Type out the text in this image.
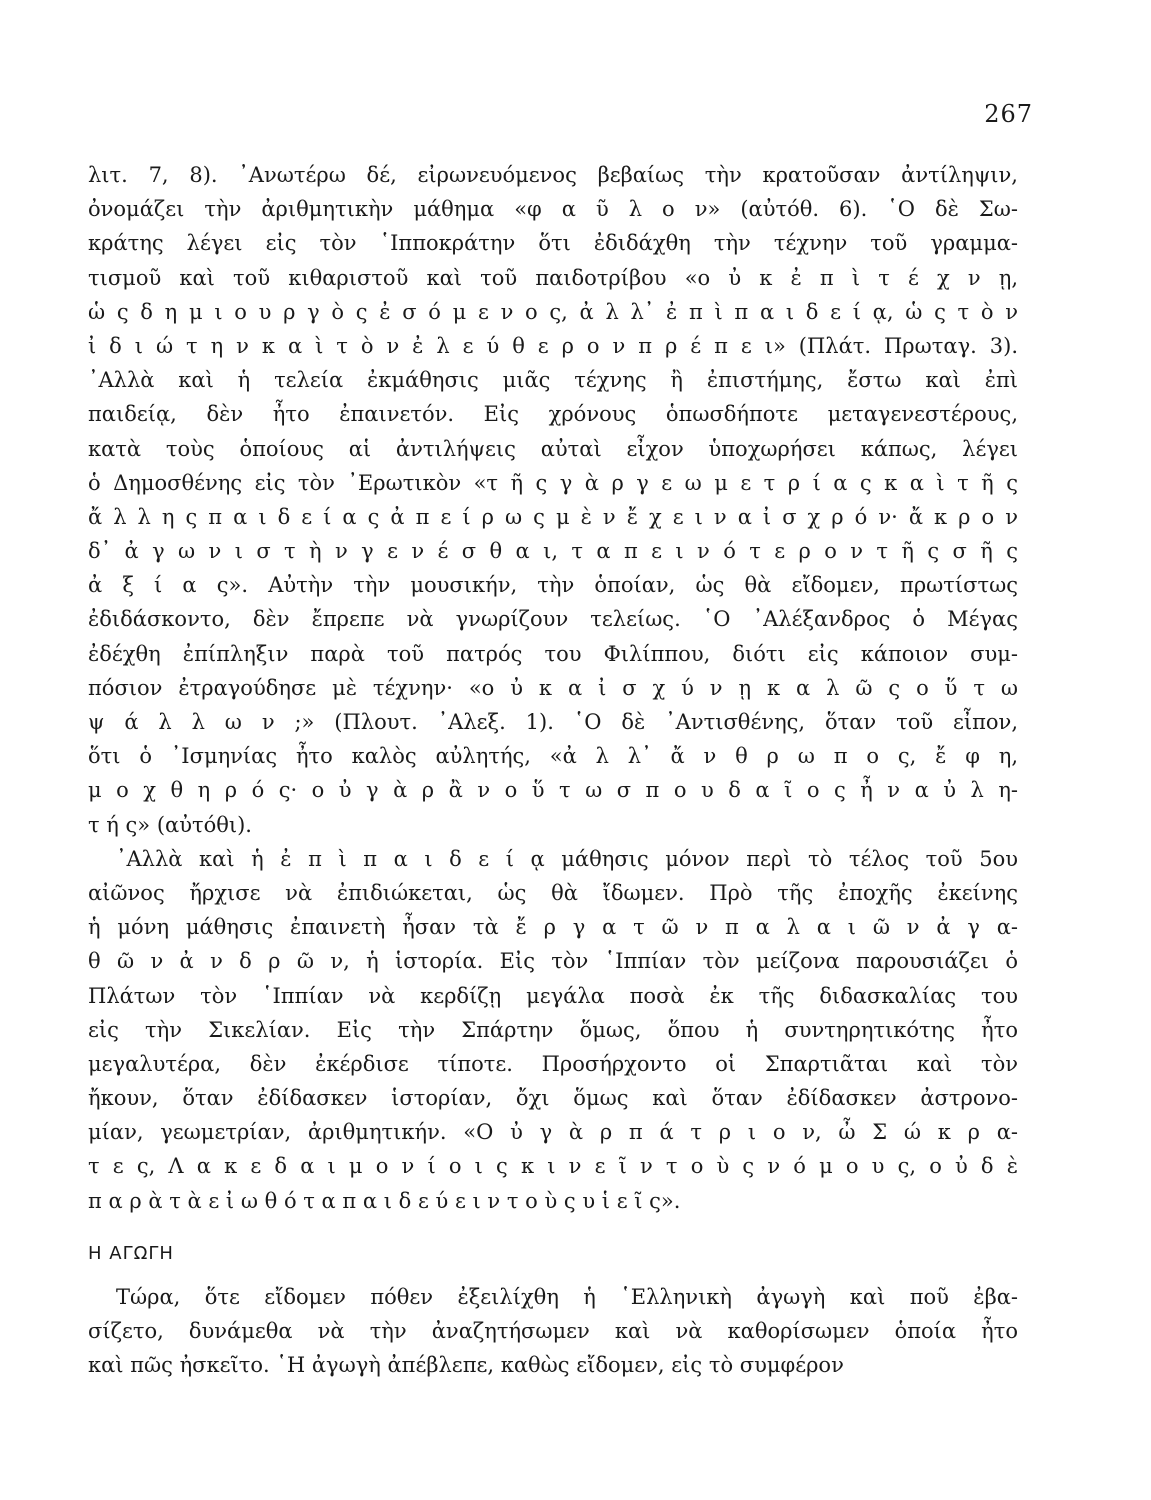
267
λιτ. 7, 8). ᾿Ανωτέρω δέ, εἰρωνευόμενος βεβαίως τὴν κρατοῦσαν ἀντίληψιν,
ὀνομάζει τὴν ἀριθμητικὴν μάθημα «φ α ῦ λ ο ν» (αὐτόθ. 6). ῾Ο δὲ Σω-
κράτης λέγει εἰς τὸν ῾Ιπποκράτην ὅτι ἐδιδάχθη τὴν τέχνην τοῦ γραμμα-
τισμοῦ καὶ τοῦ κιθαριστοῦ καὶ τοῦ παιδοτρίβου «ο ὐ κ ἐ π ὶ τ έ χ ν ῃ,
ὡ ς δ η μ ι ο υ ρ γ ὸ ς ἐ σ ό μ ε ν ο ς, ἀ λ λ᾿ ἐ π ὶ π α ι δ ε ί ᾳ, ὡ ς τ ὸ ν
ἰ δ ι ώ τ η ν κ α ὶ τ ὸ ν ἐ λ ε ύ θ ε ρ ο ν π ρ έ π ε ι» (Πλάτ. Πρωταγ. 3).
᾿Αλλὰ καὶ ἡ τελεία ἐκμάθησις μιᾶς τέχνης ἢ ἐπιστήμης, ἔστω καὶ ἐπὶ
παιδείᾳ, δὲν ἦτο ἐπαινετόν. Εἰς χρόνους ὁπωσδήποτε μεταγενεστέρους,
κατὰ τοὺς ὁποίους αἱ ἀντιλήψεις αὐταὶ εἶχον ὑποχωρήσει κάπως, λέγει
ὁ Δημοσθένης εἰς τὸν ᾿Ερωτικὸν «τ ῆ ς γ ὰ ρ γ ε ω μ ε τ ρ ί α ς κ α ὶ τ ῆ ς
ἄ λ λ η ς π α ι δ ε ί α ς ἀ π ε ί ρ ω ς μ ὲ ν ἔ χ ε ι ν α ἰ σ χ ρ ό ν· ἄ κ ρ ο ν
δ᾿ ἀ γ ω ν ι σ τ ὴ ν γ ε ν έ σ θ α ι, τ α π ε ι ν ό τ ε ρ ο ν τ ῆ ς σ ῆ ς
ἀ ξ ί α ς». Αὐτὴν τὴν μουσικήν, τὴν ὁποίαν, ὡς θὰ εἴδομεν, πρωτίστως
ἐδιδάσκοντο, δὲν ἔπρεπε νὰ γνωρίζουν τελείως. ῾Ο ᾿Αλέξανδρος ὁ Μέγας
ἐδέχθη ἐπίπληξιν παρὰ τοῦ πατρός του Φιλίππου, διότι εἰς κάποιον συμ-
πόσιον ἐτραγούδησε μὲ τέχνην· «ο ὐ κ α ἰ σ χ ύ ν ῃ κ α λ ῶ ς ο ὕ τ ω
ψ ά λ λ ω ν ;» (Πλουτ. ᾿Αλεξ. 1). ῾Ο δὲ ᾿Αντισθένης, ὅταν τοῦ εἶπον,
ὅτι ὁ ᾿Ισμηνίας ἦτο καλὸς αὐλητής, «ἀ λ λ᾿ ἄ ν θ ρ ω π ο ς, ἔ φ η,
μ ο χ θ η ρ ό ς· ο ὐ γ ὰ ρ ἂ ν ο ὕ τ ω σ π ο υ δ α ῖ ο ς ἦ ν α ὐ λ η-
τ ή ς» (αὐτόθι).
᾿Αλλὰ καὶ ἡ ἐ π ὶ π α ι δ ε ί ᾳ μάθησις μόνον περὶ τὸ τέλος τοῦ 5ου
αἰῶνος ἤρχισε νὰ ἐπιδιώκεται, ὡς θὰ ἴδωμεν. Πρὸ τῆς ἐποχῆς ἐκείνης
ἡ μόνη μάθησις ἐπαινετὴ ἦσαν τὰ ἔ ρ γ α τ ῶ ν π α λ α ι ῶ ν ἀ γ α-
θ ῶ ν ἀ ν δ ρ ῶ ν, ἡ ἱστορία. Εἰς τὸν ῾Ιππίαν τὸν μείζονα παρουσιάζει ὁ
Πλάτων τὸν ῾Ιππίαν νὰ κερδίζῃ μεγάλα ποσὰ ἐκ τῆς διδασκαλίας του
εἰς τὴν Σικελίαν. Εἰς τὴν Σπάρτην ὅμως, ὅπου ἡ συντηρητικότης ἦτο
μεγαλυτέρα, δὲν ἐκέρδισε τίποτε. Προσήρχοντο οἱ Σπαρτιᾶται καὶ τὸν
ἤκουν, ὅταν ἐδίδασκεν ἱστορίαν, ὄχι ὅμως καὶ ὅταν ἐδίδασκεν ἀστρονο-
μίαν, γεωμετρίαν, ἀριθμητικήν. «Ο ὐ γ ὰ ρ π ά τ ρ ι ο ν, ὦ Σ ώ κ ρ α-
τ ε ς, Λ α κ ε δ α ι μ ο ν ί ο ι ς κ ι ν ε ῖ ν τ ο ὺ ς ν ό μ ο υ ς, ο ὐ δ ὲ
π α ρ ὰ τ ὰ ε ἰ ω θ ό τ α π α ι δ ε ύ ε ι ν τ ο ὺ ς υ ἱ ε ῖ ς».
Η ΑΓΩΓΗ
Τώρα, ὅτε εἴδομεν πόθεν ἐξειλίχθη ἡ ῾Ελληνικὴ ἀγωγὴ καὶ ποῦ ἐβα-
σίζετο, δυνάμεθα νὰ τὴν ἀναζητήσωμεν καὶ νὰ καθορίσωμεν ὁποία ἦτο
καὶ πῶς ἠσκεῖτο. ῾Η ἀγωγὴ ἀπέβλεπε, καθὼς εἴδομεν, εἰς τὸ συμφέρον
